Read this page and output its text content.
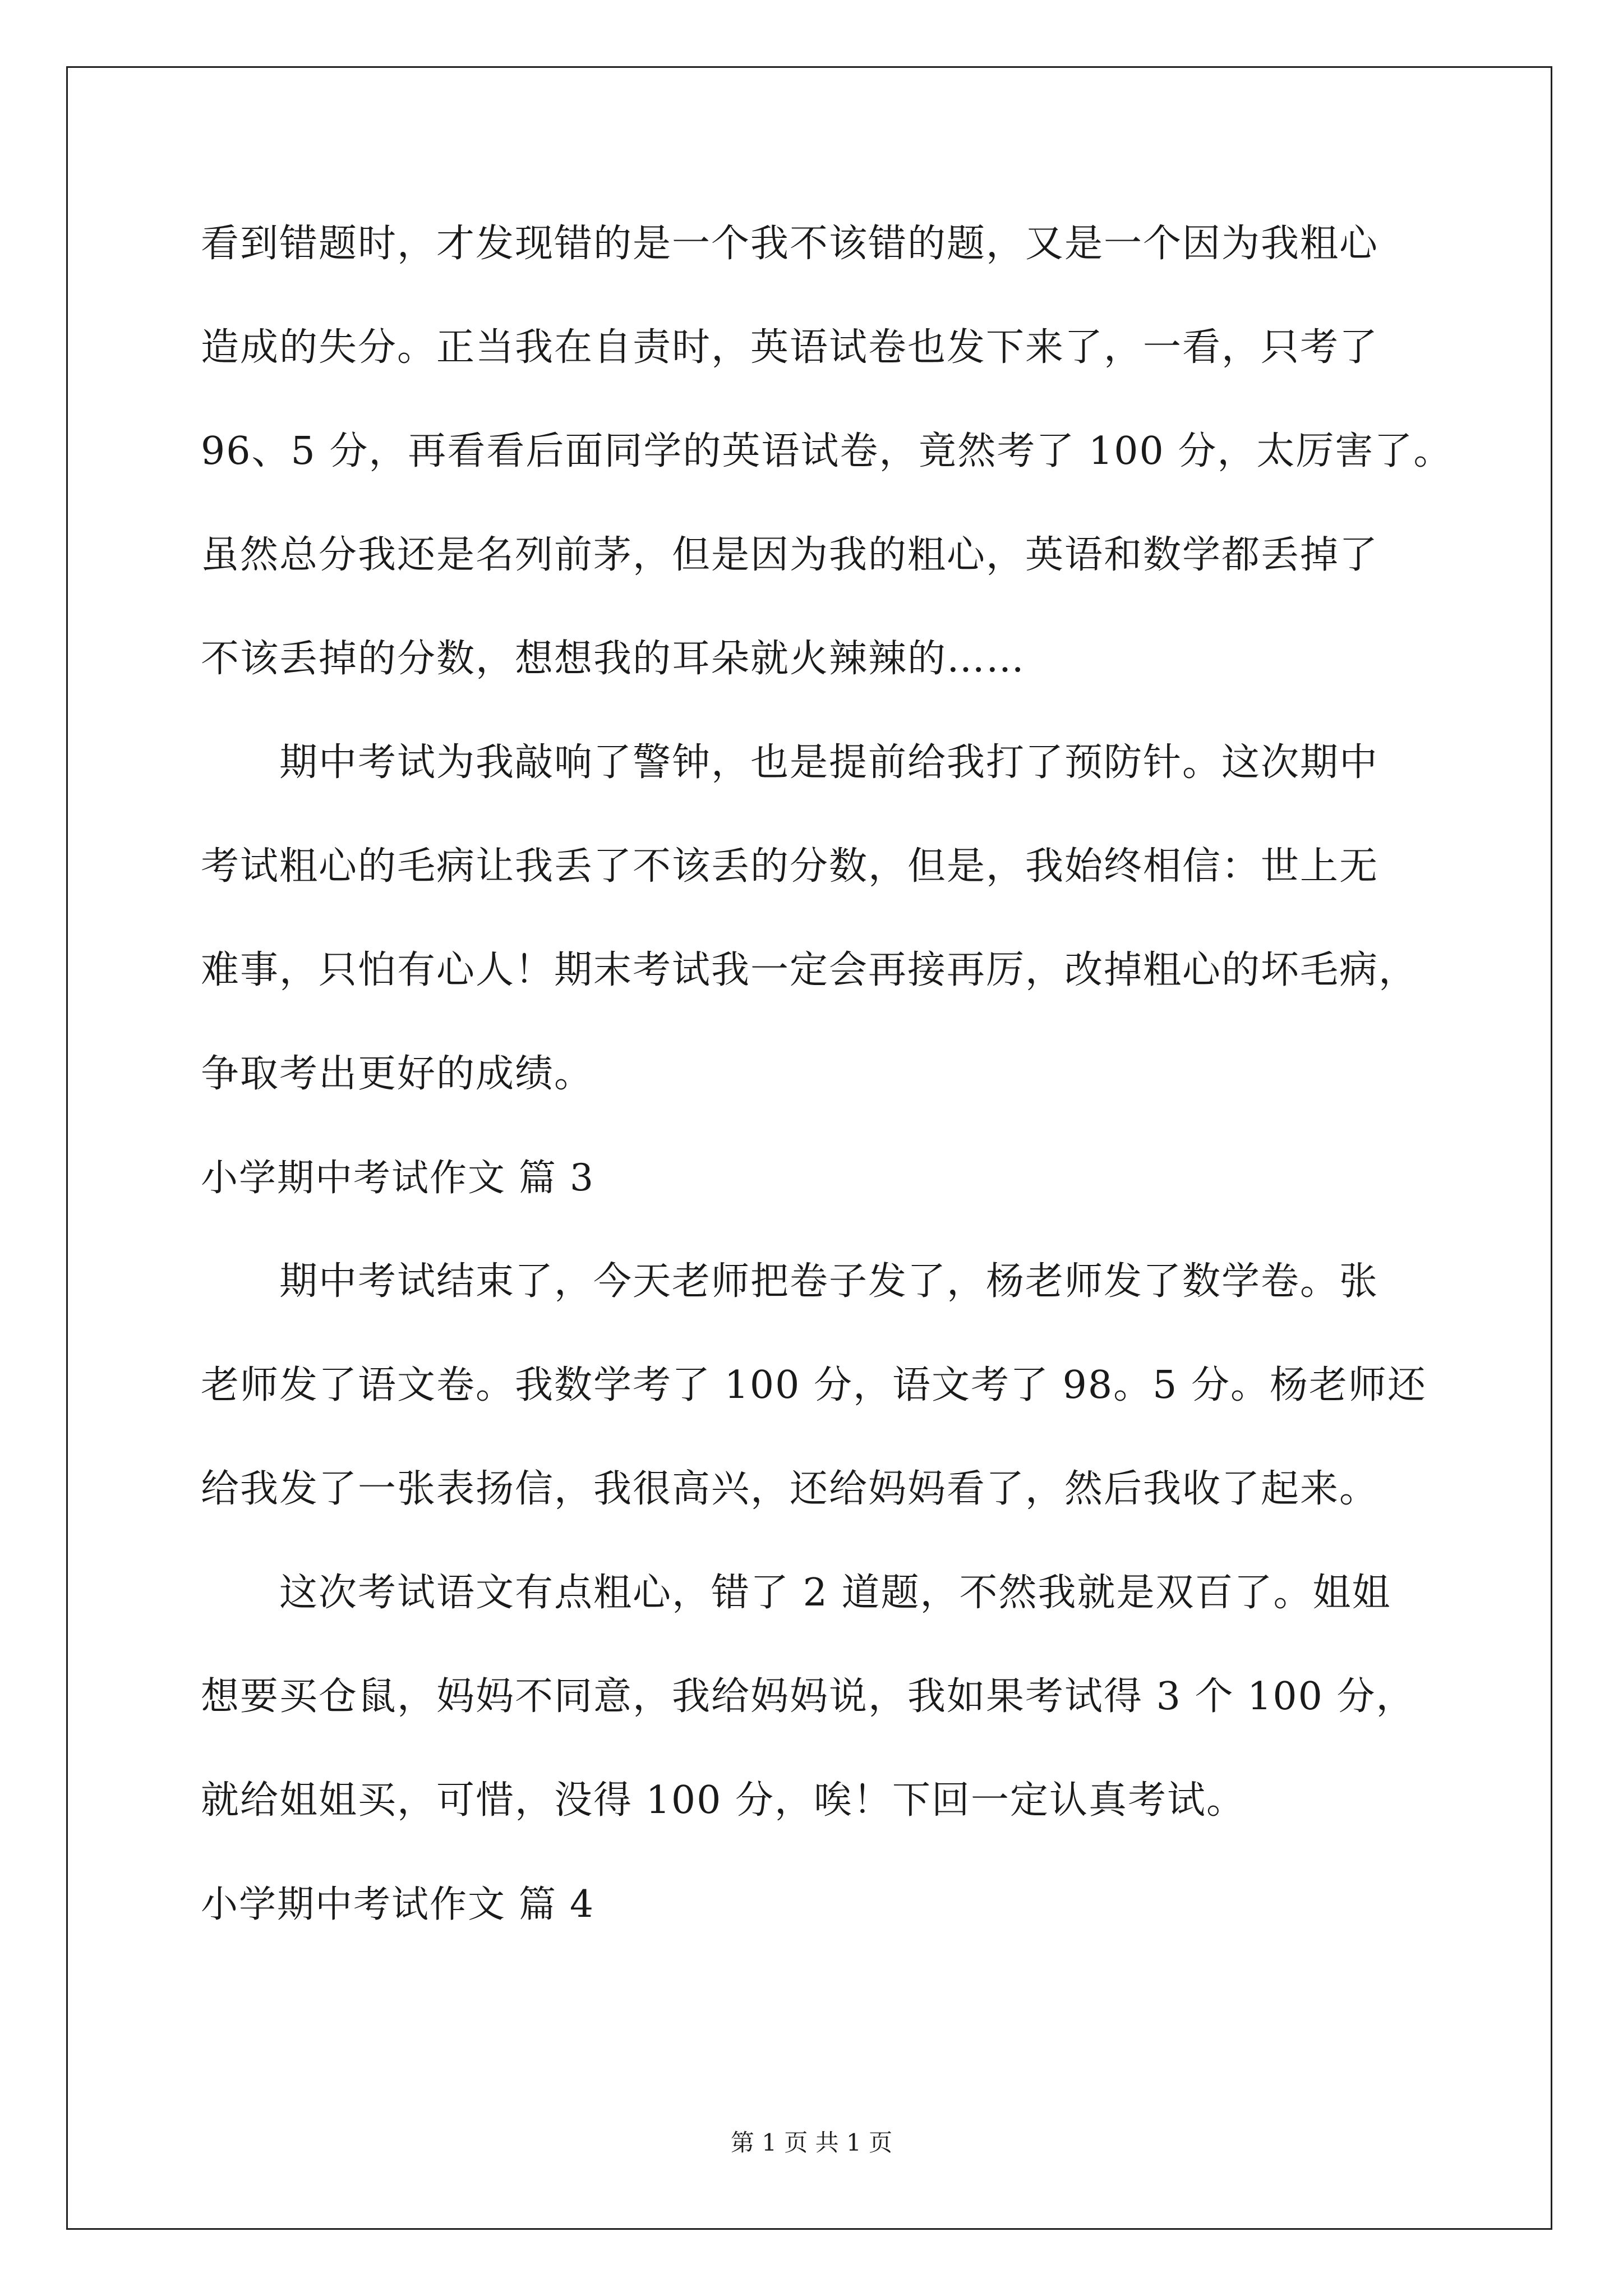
看到错题时，才发现错的是一个我不该错的题，又是一个因为我粗心
造成的失分。正当我在自责时，英语试卷也发下来了，一看，只考了
96、5 分，再看看后面同学的英语试卷，竟然考了 100 分，太厉害了。
虽然总分我还是名列前茅，但是因为我的粗心，英语和数学都丢掉了
不该丢掉的分数，想想我的耳朵就火辣辣的……
期中考试为我敲响了警钟，也是提前给我打了预防针。这次期中
考试粗心的毛病让我丢了不该丢的分数，但是，我始终相信：世上无
难事，只怕有心人！期末考试我一定会再接再厉，改掉粗心的坏毛病，
争取考出更好的成绩。
小学期中考试作文 篇 3
期中考试结束了，今天老师把卷子发了，杨老师发了数学卷。张
老师发了语文卷。我数学考了 100 分，语文考了 98。5 分。杨老师还
给我发了一张表扬信，我很高兴，还给妈妈看了，然后我收了起来。
这次考试语文有点粗心，错了 2 道题，不然我就是双百了。姐姐
想要买仓鼠，妈妈不同意，我给妈妈说，我如果考试得 3 个 100 分，
就给姐姐买，可惜，没得 100 分，唉！下回一定认真考试。
小学期中考试作文 篇 4
第 1 页 共 1 页
